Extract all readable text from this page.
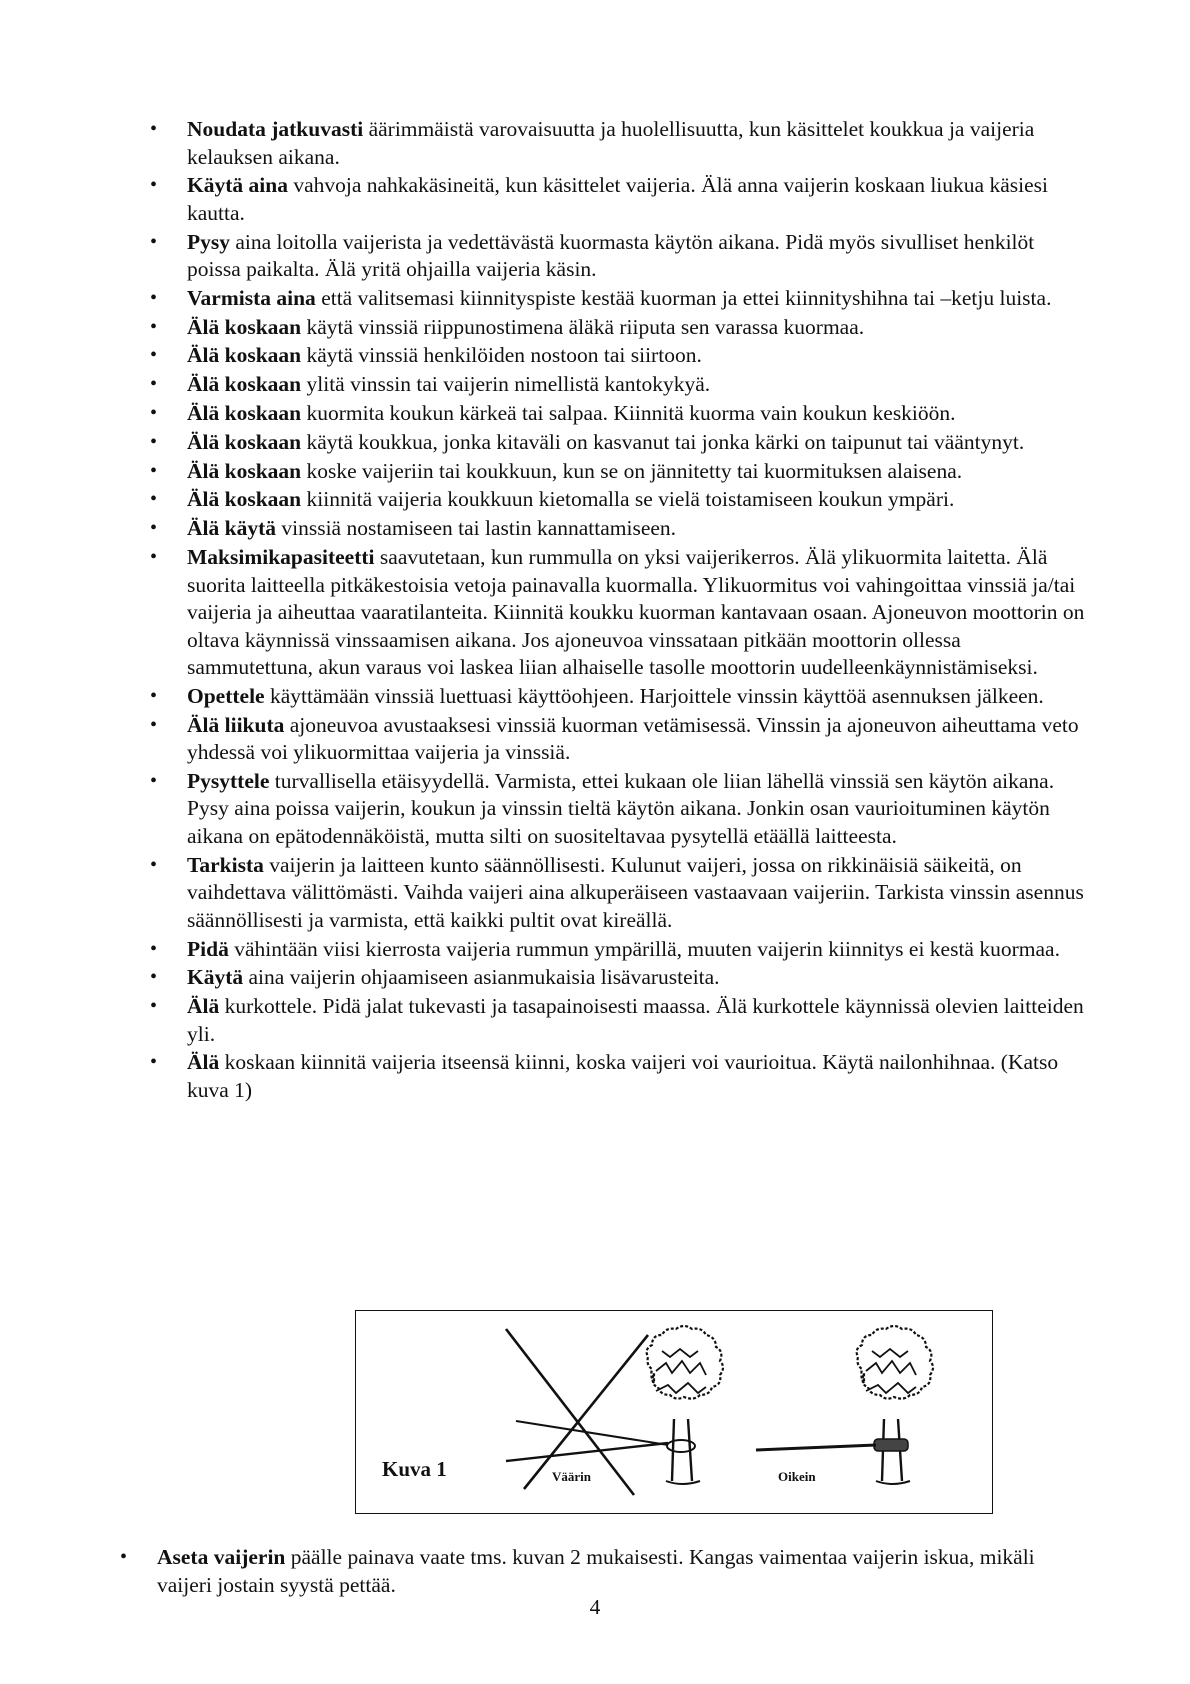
•	Noudata jatkuvasti äärimmäistä varovaisuutta ja huolellisuutta, kun käsittelet koukkua ja vaijeria kelauksen aikana.
•	Käytä aina vahvoja nahkakäsineitä, kun käsittelet vaijeria. Älä anna vaijerin koskaan liukua käsiesi kautta.
•	Pysy aina loitolla vaijerista ja vedettävästä kuormasta käytön aikana. Pidä myös sivulliset henkilöt poissa paikalta. Älä yritä ohjailla vaijeria käsin.
•	Varmista aina että valitsemasi kiinnityspiste kestää kuorman ja ettei kiinnityshihna tai –ketju luista.
•	Älä koskaan käytä vinssiä riippunostimena äläkä riiputa sen varassa kuormaa.
•	Älä koskaan käytä vinssiä henkilöiden nostoon tai siirtoon.
•	Älä koskaan ylitä vinssin tai vaijerin nimellistä kantokykyä.
•	Älä koskaan kuormita koukun kärkeä tai salpaa. Kiinnitä kuorma vain koukun keskiöön.
•	Älä koskaan käytä koukkua, jonka kitaväli on kasvanut tai jonka kärki on taipunut tai vääntynyt.
•	Älä koskaan koske vaijeriin tai koukkuun, kun se on jännitetty tai kuormituksen alaisena.
•	Älä koskaan kiinnitä vaijeria koukkuun kietomalla se vielä toistamiseen koukun ympäri.
•	Älä käytä vinssiä nostamiseen tai lastin kannattamiseen.
•	Maksimikapasiteetti saavutetaan, kun rummulla on yksi vaijerikerros. Älä ylikuormita laitetta. Älä suorita laitteella pitkäkestoisia vetoja painavalla kuormalla. Ylikuormitus voi vahingoittaa vinssiä ja/tai vaijeria ja aiheuttaa vaaratilanteita. Kiinnitä koukku kuorman kantavaan osaan. Ajoneuvon moottorin on oltava käynnissä vinssaamisen aikana. Jos ajoneuvoa vinssataan pitkään moottorin ollessa sammutettuna, akun varaus voi laskea liian alhaiselle tasolle moottorin uudelleenkäynnistämiseksi.
•	Opettele käyttämään vinssiä luettuasi käyttöohjeen. Harjoittele vinssin käyttöä asennuksen jälkeen.
•	Älä liikuta ajoneuvoa avustaaksesi vinssiä kuorman vetämisessä. Vinssin ja ajoneuvon aiheuttama veto yhdessä voi ylikuormittaa vaijeria ja vinssiä.
•	Pysyttele turvallisella etäisyydellä. Varmista, ettei kukaan ole liian lähellä vinssiä sen käytön aikana. Pysy aina poissa vaijerin, koukun ja vinssin tieltä käytön aikana. Jonkin osan vaurioituminen käytön aikana on epätodennäköistä, mutta silti on suositeltavaa pysytellä etäällä laitteesta.
•	Tarkista vaijerin ja laitteen kunto säännöllisesti. Kulunut vaijeri, jossa on rikkinäisiä säikeitä, on vaihdettava välittömästi. Vaihda vaijeri aina alkuperäiseen vastaavaan vaijeriin. Tarkista vinssin asennus säännöllisesti ja varmista, että kaikki pultit ovat kireällä.
•	Pidä vähintään viisi kierrosta vaijeria rummun ympärillä, muuten vaijerin kiinnitys ei kestä kuormaa.
•	Käytä aina vaijerin ohjaamiseen asianmukaisia lisävarusteita.
•	Älä kurkottele. Pidä jalat tukevasti ja tasapainoisesti maassa. Älä kurkottele käynnissä olevien laitteiden yli.
•	Älä koskaan kiinnitä vaijeria itseensä kiinni, koska vaijeri voi vaurioitua. Käytä nailonhihnaa. (Katso kuva 1)
Kuva 1	Väärin	Oikein
•	Aseta vaijerin päälle painava vaate tms. kuvan 2 mukaisesti. Kangas vaimentaa vaijerin iskua, mikäli vaijeri jostain syystä pettää.
4
